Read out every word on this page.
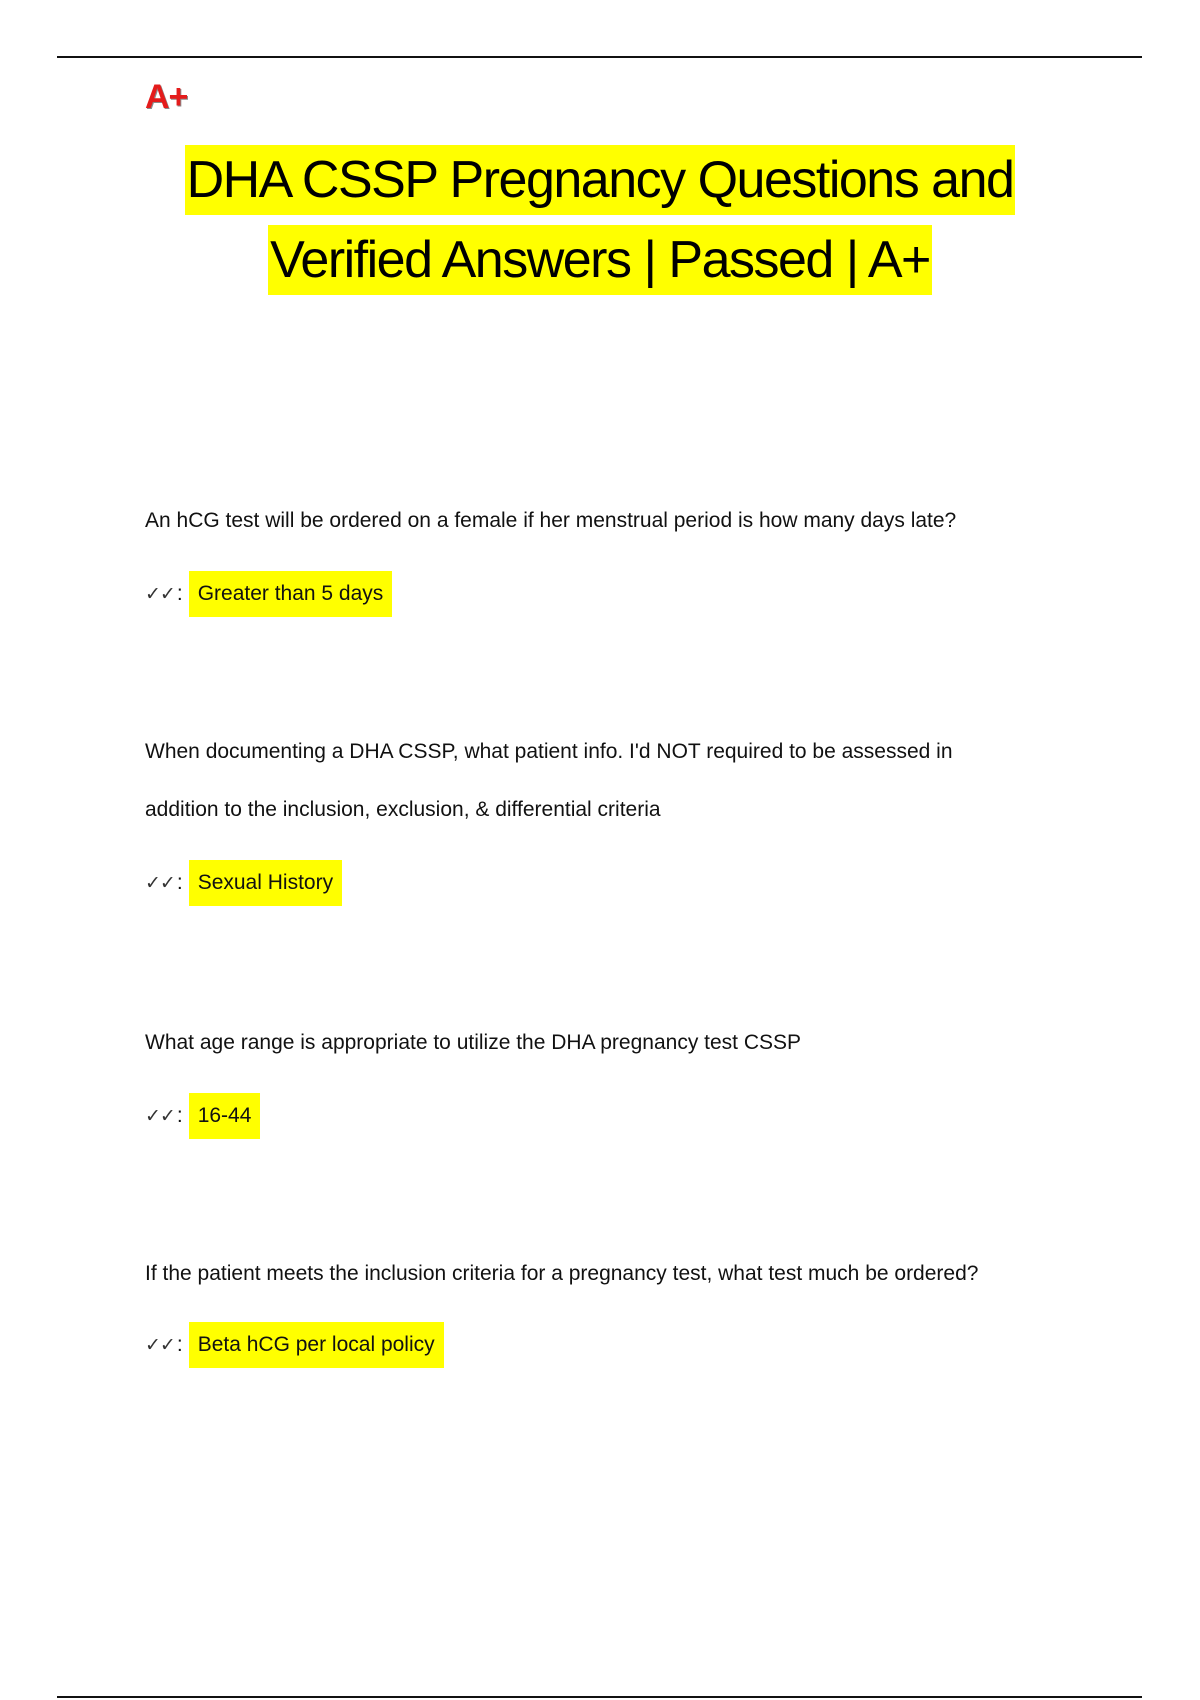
A+
DHA CSSP Pregnancy Questions and
Verified Answers | Passed | A+

An hCG test will be ordered on a female if her menstrual period is how many days late?

✓✓ : Greater than 5 days

When documenting a DHA CSSP, what patient info. I'd NOT required to be assessed in

addition to the inclusion, exclusion, & differential criteria

✓✓ : Sexual History

What age range is appropriate to utilize the DHA pregnancy test CSSP

✓✓ : 16-44

If the patient meets the inclusion criteria for a pregnancy test, what test much be ordered?

✓✓ : Beta hCG per local policy
